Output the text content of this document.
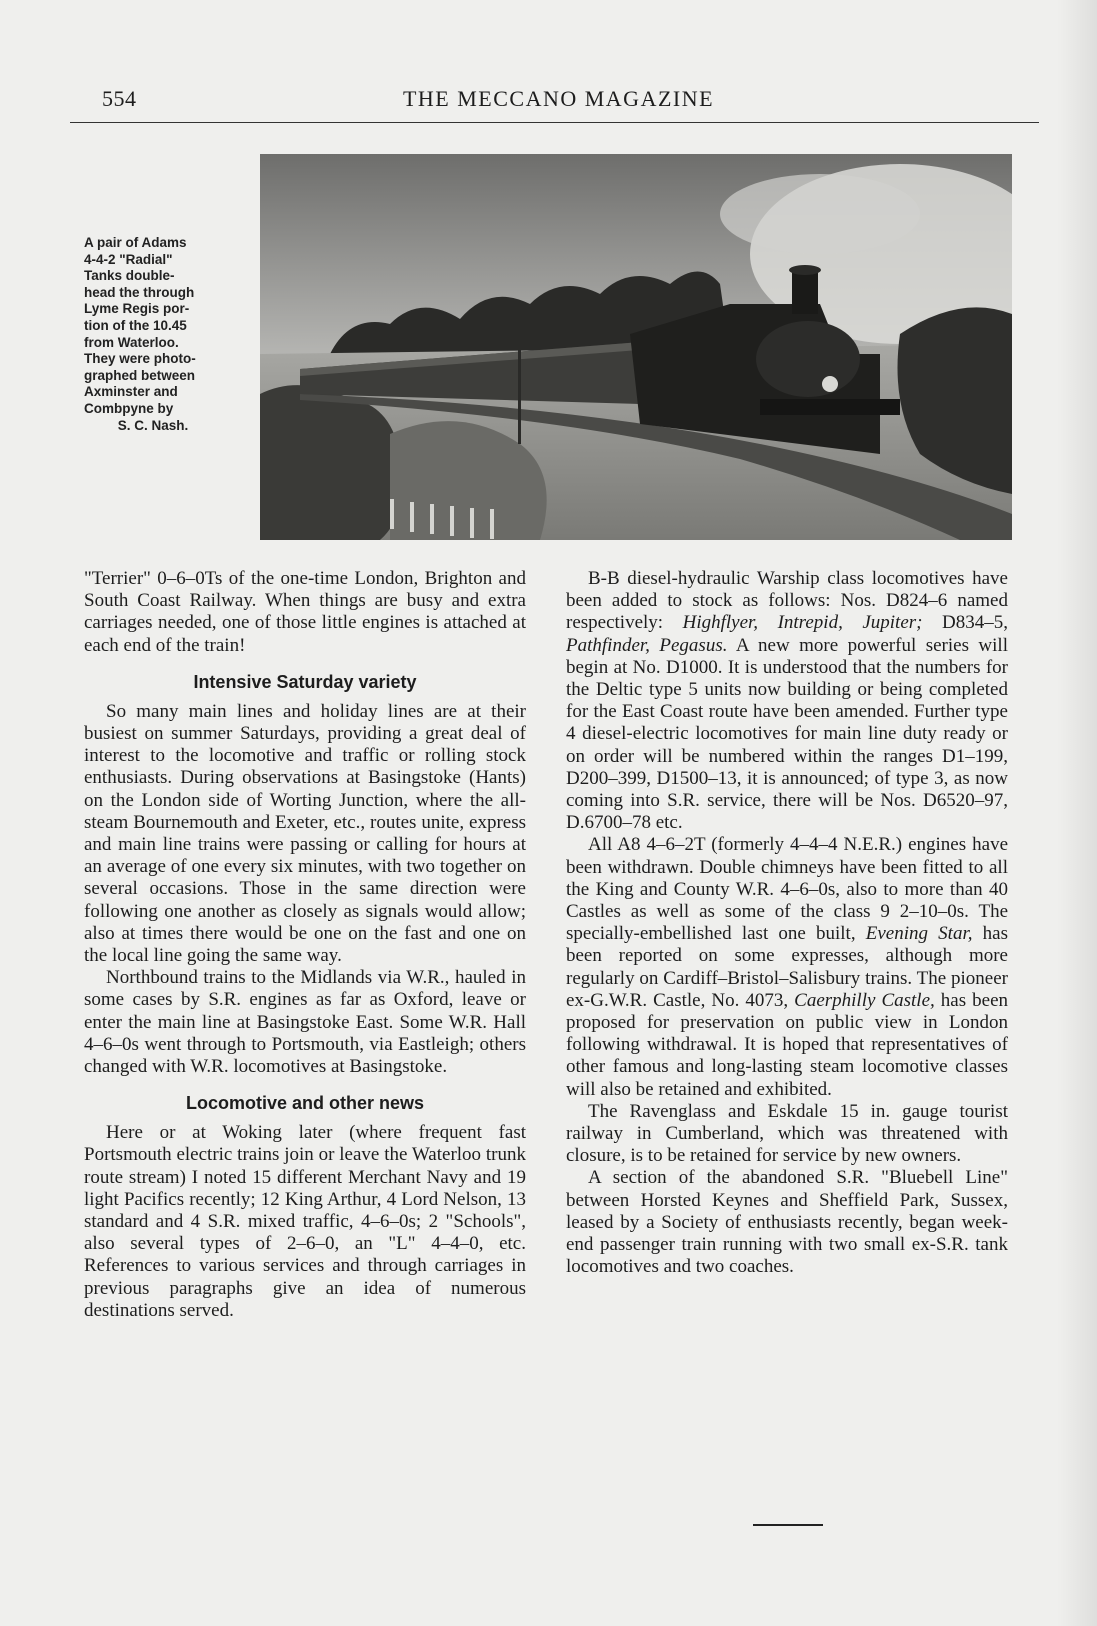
554	THE MECCANO MAGAZINE
A pair of Adams
4-4-2 "Radial"
Tanks double-
head the through
Lyme Regis por-
tion of the 10.45
from Waterloo.
They were photo-
graphed between
Axminster and
Combpyne by
S. C. Nash.

"Terrier" 0–6–0Ts of the one-time London, Brighton and South Coast Railway. When things are busy and extra carriages needed, one of those little engines is attached at each end of the train!

Intensive Saturday variety

So many main lines and holiday lines are at their busiest on summer Saturdays, providing a great deal of interest to the locomotive and traffic or rolling stock enthusiasts. During observations at Basingstoke (Hants) on the London side of Worting Junction, where the all-steam Bournemouth and Exeter, etc., routes unite, express and main line trains were passing or calling for hours at an average of one every six minutes, with two together on several occasions. Those in the same direction were following one another as closely as signals would allow; also at times there would be one on the fast and one on the local line going the same way.

Northbound trains to the Midlands via W.R., hauled in some cases by S.R. engines as far as Oxford, leave or enter the main line at Basingstoke East. Some W.R. Hall 4–6–0s went through to Portsmouth, via Eastleigh; others changed with W.R. locomotives at Basingstoke.

Locomotive and other news

Here or at Woking later (where frequent fast Portsmouth electric trains join or leave the Waterloo trunk route stream) I noted 15 different Merchant Navy and 19 light Pacifics recently; 12 King Arthur, 4 Lord Nelson, 13 standard and 4 S.R. mixed traffic, 4–6–0s; 2 "Schools", also several types of 2–6–0, an "L" 4–4–0, etc. References to various services and through carriages in previous paragraphs give an idea of numerous destinations served.

B-B diesel-hydraulic Warship class locomotives have been added to stock as follows: Nos. D824–6 named respectively: Highflyer, Intrepid, Jupiter; D834–5, Pathfinder, Pegasus. A new more powerful series will begin at No. D1000. It is understood that the numbers for the Deltic type 5 units now building or being completed for the East Coast route have been amended. Further type 4 diesel-electric locomotives for main line duty ready or on order will be numbered within the ranges D1–199, D200–399, D1500–13, it is announced; of type 3, as now coming into S.R. service, there will be Nos. D6520–97, D.6700–78 etc.

All A8 4–6–2T (formerly 4–4–4 N.E.R.) engines have been withdrawn. Double chimneys have been fitted to all the King and County W.R. 4–6–0s, also to more than 40 Castles as well as some of the class 9 2–10–0s. The specially-embellished last one built, Evening Star, has been reported on some expresses, although more regularly on Cardiff–Bristol–Salisbury trains. The pioneer ex-G.W.R. Castle, No. 4073, Caerphilly Castle, has been proposed for preservation on public view in London following withdrawal. It is hoped that representatives of other famous and long-lasting steam locomotive classes will also be retained and exhibited.

The Ravenglass and Eskdale 15 in. gauge tourist railway in Cumberland, which was threatened with closure, is to be retained for service by new owners.

A section of the abandoned S.R. "Bluebell Line" between Horsted Keynes and Sheffield Park, Sussex, leased by a Society of enthusiasts recently, began week-end passenger train running with two small ex-S.R. tank locomotives and two coaches.
